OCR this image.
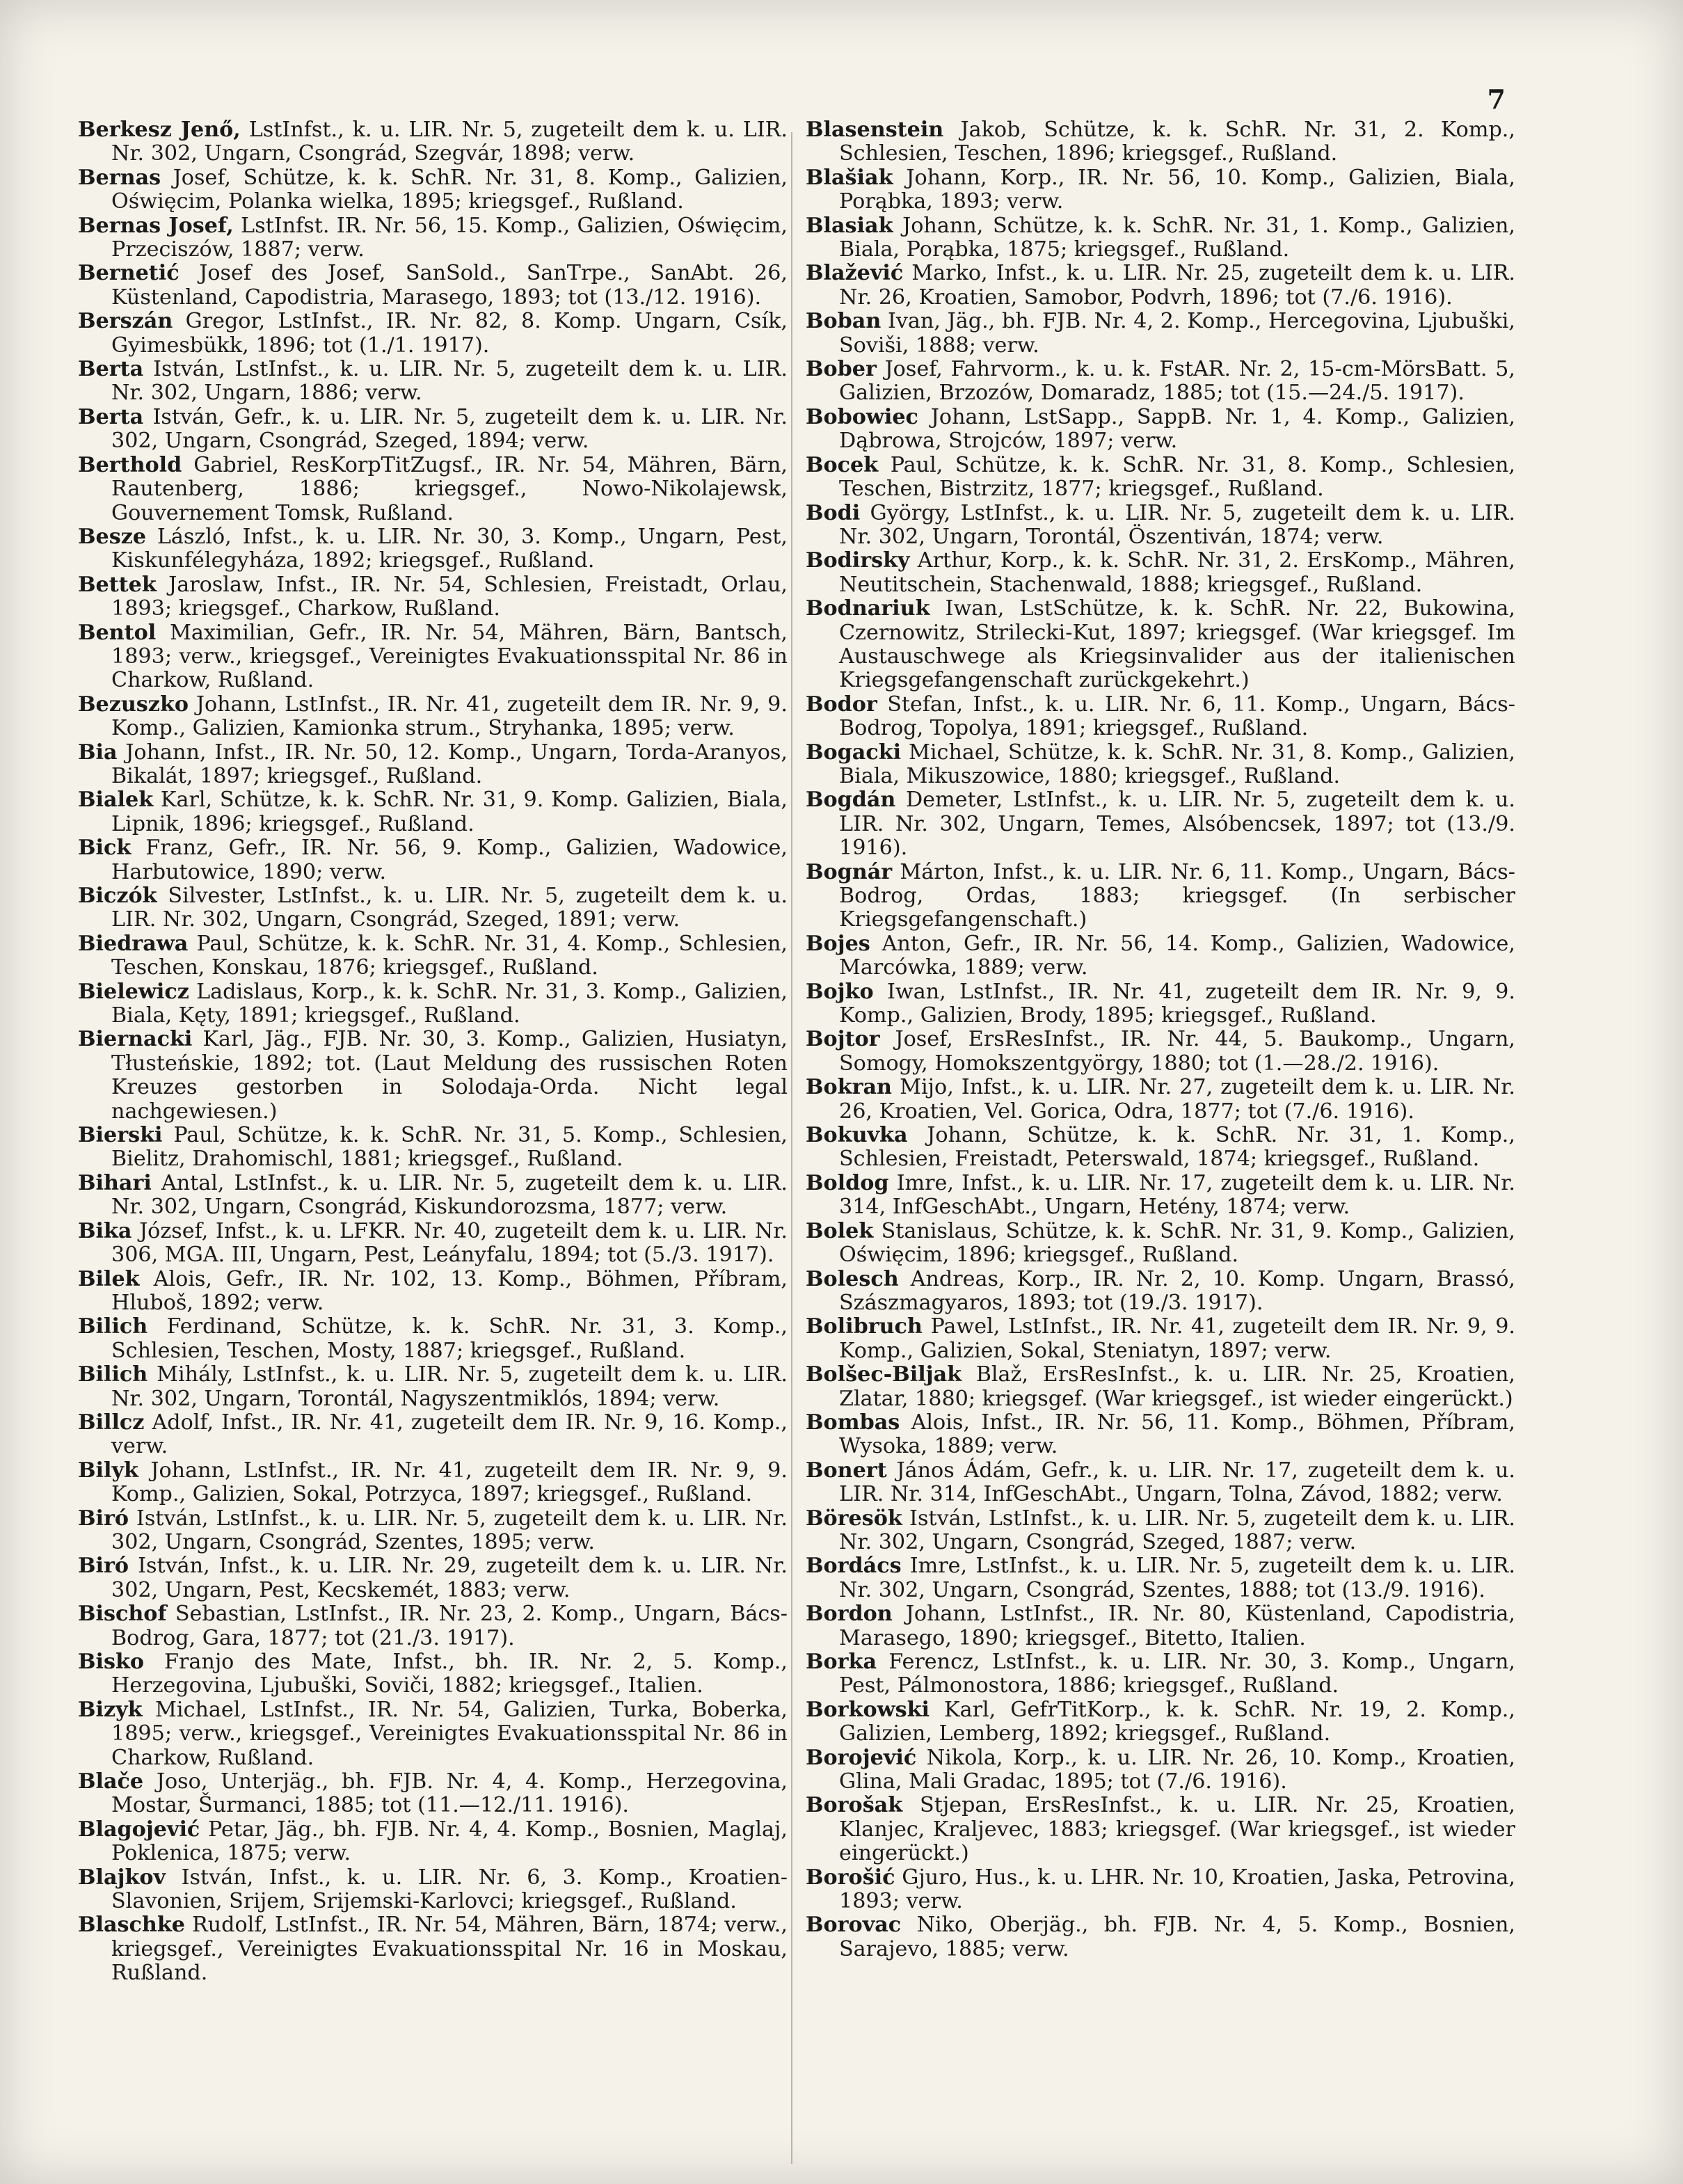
7
Berkesz Jenő, LstInfst., k. u. LIR. Nr. 5, zugeteilt dem k. u. LIR. Nr. 302, Ungarn, Csongrád, Szegvár, 1898; verw.
Bernas Josef, Schütze, k. k. SchR. Nr. 31, 8. Komp., Galizien, Oświęcim, Polanka wielka, 1895; kriegsgef., Rußland.
Bernas Josef, LstInfst. IR. Nr. 56, 15. Komp., Galizien, Oświęcim, Przeciszów, 1887; verw.
Bernetić Josef des Josef, SanSold., SanTrpe., SanAbt. 26, Küstenland, Capodistria, Marasego, 1893; tot (13./12. 1916).
Berszán Gregor, LstInfst., IR. Nr. 82, 8. Komp. Ungarn, Csík, Gyimesbükk, 1896; tot (1./1. 1917).
Berta István, LstInfst., k. u. LIR. Nr. 5, zugeteilt dem k. u. LIR. Nr. 302, Ungarn, 1886; verw.
Berta István, Gefr., k. u. LIR. Nr. 5, zugeteilt dem k. u. LIR. Nr. 302, Ungarn, Csongrád, Szeged, 1894; verw.
Berthold Gabriel, ResKorpTitZugsf., IR. Nr. 54, Mähren, Bärn, Rautenberg, 1886; kriegsgef., Nowo-Nikolajewsk, Gouvernement Tomsk, Rußland.
Besze László, Infst., k. u. LIR. Nr. 30, 3. Komp., Ungarn, Pest, Kiskunfélegyháza, 1892; kriegsgef., Rußland.
Bettek Jaroslaw, Infst., IR. Nr. 54, Schlesien, Freistadt, Orlau, 1893; kriegsgef., Charkow, Rußland.
Bentol Maximilian, Gefr., IR. Nr. 54, Mähren, Bärn, Bantsch, 1893; verw., kriegsgef., Vereinigtes Evakuationsspital Nr. 86 in Charkow, Rußland.
Bezuszko Johann, LstInfst., IR. Nr. 41, zugeteilt dem IR. Nr. 9, 9. Komp., Galizien, Kamionka strum., Stryhanka, 1895; verw.
Bia Johann, Infst., IR. Nr. 50, 12. Komp., Ungarn, Torda-Aranyos, Bikalát, 1897; kriegsgef., Rußland.
Bialek Karl, Schütze, k. k. SchR. Nr. 31, 9. Komp. Galizien, Biala, Lipnik, 1896; kriegsgef., Rußland.
Bick Franz, Gefr., IR. Nr. 56, 9. Komp., Galizien, Wadowice, Harbutowice, 1890; verw.
Biczók Silvester, LstInfst., k. u. LIR. Nr. 5, zugeteilt dem k. u. LIR. Nr. 302, Ungarn, Csongrád, Szeged, 1891; verw.
Biedrawa Paul, Schütze, k. k. SchR. Nr. 31, 4. Komp., Schlesien, Teschen, Konskau, 1876; kriegsgef., Rußland.
Bielewicz Ladislaus, Korp., k. k. SchR. Nr. 31, 3. Komp., Galizien, Biala, Kęty, 1891; kriegsgef., Rußland.
Biernacki Karl, Jäg., FJB. Nr. 30, 3. Komp., Galizien, Husiatyn, Tłusteńskie, 1892; tot. (Laut Meldung des russischen Roten Kreuzes gestorben in Solodaja-Orda. Nicht legal nachgewiesen.)
Bierski Paul, Schütze, k. k. SchR. Nr. 31, 5. Komp., Schlesien, Bielitz, Drahomischl, 1881; kriegsgef., Rußland.
Bihari Antal, LstInfst., k. u. LIR. Nr. 5, zugeteilt dem k. u. LIR. Nr. 302, Ungarn, Csongrád, Kiskundorozsma, 1877; verw.
Bika József, Infst., k. u. LFKR. Nr. 40, zugeteilt dem k. u. LIR. Nr. 306, MGA. III, Ungarn, Pest, Leányfalu, 1894; tot (5./3. 1917).
Bilek Alois, Gefr., IR. Nr. 102, 13. Komp., Böhmen, Příbram, Hluboš, 1892; verw.
Bilich Ferdinand, Schütze, k. k. SchR. Nr. 31, 3. Komp., Schlesien, Teschen, Mosty, 1887; kriegsgef., Rußland.
Bilich Mihály, LstInfst., k. u. LIR. Nr. 5, zugeteilt dem k. u. LIR. Nr. 302, Ungarn, Torontál, Nagyszentmiklós, 1894; verw.
Billcz Adolf, Infst., IR. Nr. 41, zugeteilt dem IR. Nr. 9, 16. Komp., verw.
Bilyk Johann, LstInfst., IR. Nr. 41, zugeteilt dem IR. Nr. 9, 9. Komp., Galizien, Sokal, Potrzyca, 1897; kriegsgef., Rußland.
Biró István, LstInfst., k. u. LIR. Nr. 5, zugeteilt dem k. u. LIR. Nr. 302, Ungarn, Csongrád, Szentes, 1895; verw.
Biró István, Infst., k. u. LIR. Nr. 29, zugeteilt dem k. u. LIR. Nr. 302, Ungarn, Pest, Kecskemét, 1883; verw.
Bischof Sebastian, LstInfst., IR. Nr. 23, 2. Komp., Ungarn, Bács-Bodrog, Gara, 1877; tot (21./3. 1917).
Bisko Franjo des Mate, Infst., bh. IR. Nr. 2, 5. Komp., Herzegovina, Ljubuški, Soviči, 1882; kriegsgef., Italien.
Bizyk Michael, LstInfst., IR. Nr. 54, Galizien, Turka, Boberka, 1895; verw., kriegsgef., Vereinigtes Evakuationsspital Nr. 86 in Charkow, Rußland.
Blače Joso, Unterjäg., bh. FJB. Nr. 4, 4. Komp., Herzegovina, Mostar, Šurmanci, 1885; tot (11.—12./11. 1916).
Blagojević Petar, Jäg., bh. FJB. Nr. 4, 4. Komp., Bosnien, Maglaj, Poklenica, 1875; verw.
Blajkov István, Infst., k. u. LIR. Nr. 6, 3. Komp., Kroatien-Slavonien, Srijem, Srijemski-Karlovci; kriegsgef., Rußland.
Blaschke Rudolf, LstInfst., IR. Nr. 54, Mähren, Bärn, 1874; verw., kriegsgef., Vereinigtes Evakuationsspital Nr. 16 in Moskau, Rußland.
Blasenstein Jakob, Schütze, k. k. SchR. Nr. 31, 2. Komp., Schlesien, Teschen, 1896; kriegsgef., Rußland.
Blašiak Johann, Korp., IR. Nr. 56, 10. Komp., Galizien, Biala, Porąbka, 1893; verw.
Blasiak Johann, Schütze, k. k. SchR. Nr. 31, 1. Komp., Galizien, Biala, Porąbka, 1875; kriegsgef., Rußland.
Blažević Marko, Infst., k. u. LIR. Nr. 25, zugeteilt dem k. u. LIR. Nr. 26, Kroatien, Samobor, Podvrh, 1896; tot (7./6. 1916).
Boban Ivan, Jäg., bh. FJB. Nr. 4, 2. Komp., Hercegovina, Ljubuški, Soviši, 1888; verw.
Bober Josef, Fahrvorm., k. u. k. FstAR. Nr. 2, 15-cm-MörsBatt. 5, Galizien, Brzozów, Domaradz, 1885; tot (15.—24./5. 1917).
Bobowiec Johann, LstSapp., SappB. Nr. 1, 4. Komp., Galizien, Dąbrowa, Strojców, 1897; verw.
Bocek Paul, Schütze, k. k. SchR. Nr. 31, 8. Komp., Schlesien, Teschen, Bistrzitz, 1877; kriegsgef., Rußland.
Bodi György, LstInfst., k. u. LIR. Nr. 5, zugeteilt dem k. u. LIR. Nr. 302, Ungarn, Torontál, Öszentiván, 1874; verw.
Bodirsky Arthur, Korp., k. k. SchR. Nr. 31, 2. ErsKomp., Mähren, Neutitschein, Stachenwald, 1888; kriegsgef., Rußland.
Bodnariuk Iwan, LstSchütze, k. k. SchR. Nr. 22, Bukowina, Czernowitz, Strilecki-Kut, 1897; kriegsgef. (War kriegsgef. Im Austauschwege als Kriegsinvalider aus der italienischen Kriegsgefangenschaft zurückgekehrt.)
Bodor Stefan, Infst., k. u. LIR. Nr. 6, 11. Komp., Ungarn, Bács-Bodrog, Topolya, 1891; kriegsgef., Rußland.
Bogacki Michael, Schütze, k. k. SchR. Nr. 31, 8. Komp., Galizien, Biala, Mikuszowice, 1880; kriegsgef., Rußland.
Bogdán Demeter, LstInfst., k. u. LIR. Nr. 5, zugeteilt dem k. u. LIR. Nr. 302, Ungarn, Temes, Alsóbencsek, 1897; tot (13./9. 1916).
Bognár Márton, Infst., k. u. LIR. Nr. 6, 11. Komp., Ungarn, Bács-Bodrog, Ordas, 1883; kriegsgef. (In serbischer Kriegsgefangenschaft.)
Bojes Anton, Gefr., IR. Nr. 56, 14. Komp., Galizien, Wadowice, Marcówka, 1889; verw.
Bojko Iwan, LstInfst., IR. Nr. 41, zugeteilt dem IR. Nr. 9, 9. Komp., Galizien, Brody, 1895; kriegsgef., Rußland.
Bojtor Josef, ErsResInfst., IR. Nr. 44, 5. Baukomp., Ungarn, Somogy, Homokszentgyörgy, 1880; tot (1.—28./2. 1916).
Bokran Mijo, Infst., k. u. LIR. Nr. 27, zugeteilt dem k. u. LIR. Nr. 26, Kroatien, Vel. Gorica, Odra, 1877; tot (7./6. 1916).
Bokuvka Johann, Schütze, k. k. SchR. Nr. 31, 1. Komp., Schlesien, Freistadt, Peterswald, 1874; kriegsgef., Rußland.
Boldog Imre, Infst., k. u. LIR. Nr. 17, zugeteilt dem k. u. LIR. Nr. 314, InfGeschAbt., Ungarn, Hetény, 1874; verw.
Bolek Stanislaus, Schütze, k. k. SchR. Nr. 31, 9. Komp., Galizien, Oświęcim, 1896; kriegsgef., Rußland.
Bolesch Andreas, Korp., IR. Nr. 2, 10. Komp. Ungarn, Brassó, Szászmagyaros, 1893; tot (19./3. 1917).
Bolibruch Pawel, LstInfst., IR. Nr. 41, zugeteilt dem IR. Nr. 9, 9. Komp., Galizien, Sokal, Steniatyn, 1897; verw.
Bolšec-Biljak Blaž, ErsResInfst., k. u. LIR. Nr. 25, Kroatien, Zlatar, 1880; kriegsgef. (War kriegsgef., ist wieder eingerückt.)
Bombas Alois, Infst., IR. Nr. 56, 11. Komp., Böhmen, Příbram, Wysoka, 1889; verw.
Bonert János Ádám, Gefr., k. u. LIR. Nr. 17, zugeteilt dem k. u. LIR. Nr. 314, InfGeschAbt., Ungarn, Tolna, Závod, 1882; verw.
Böresök István, LstInfst., k. u. LIR. Nr. 5, zugeteilt dem k. u. LIR. Nr. 302, Ungarn, Csongrád, Szeged, 1887; verw.
Bordács Imre, LstInfst., k. u. LIR. Nr. 5, zugeteilt dem k. u. LIR. Nr. 302, Ungarn, Csongrád, Szentes, 1888; tot (13./9. 1916).
Bordon Johann, LstInfst., IR. Nr. 80, Küstenland, Capodistria, Marasego, 1890; kriegsgef., Bitetto, Italien.
Borka Ferencz, LstInfst., k. u. LIR. Nr. 30, 3. Komp., Ungarn, Pest, Pálmonostora, 1886; kriegsgef., Rußland.
Borkowski Karl, GefrTitKorp., k. k. SchR. Nr. 19, 2. Komp., Galizien, Lemberg, 1892; kriegsgef., Rußland.
Borojević Nikola, Korp., k. u. LIR. Nr. 26, 10. Komp., Kroatien, Glina, Mali Gradac, 1895; tot (7./6. 1916).
Borošak Stjepan, ErsResInfst., k. u. LIR. Nr. 25, Kroatien, Klanjec, Kraljevec, 1883; kriegsgef. (War kriegsgef., ist wieder eingerückt.)
Borošić Gjuro, Hus., k. u. LHR. Nr. 10, Kroatien, Jaska, Petrovina, 1893; verw.
Borovac Niko, Oberjäg., bh. FJB. Nr. 4, 5. Komp., Bosnien, Sarajevo, 1885; verw.
